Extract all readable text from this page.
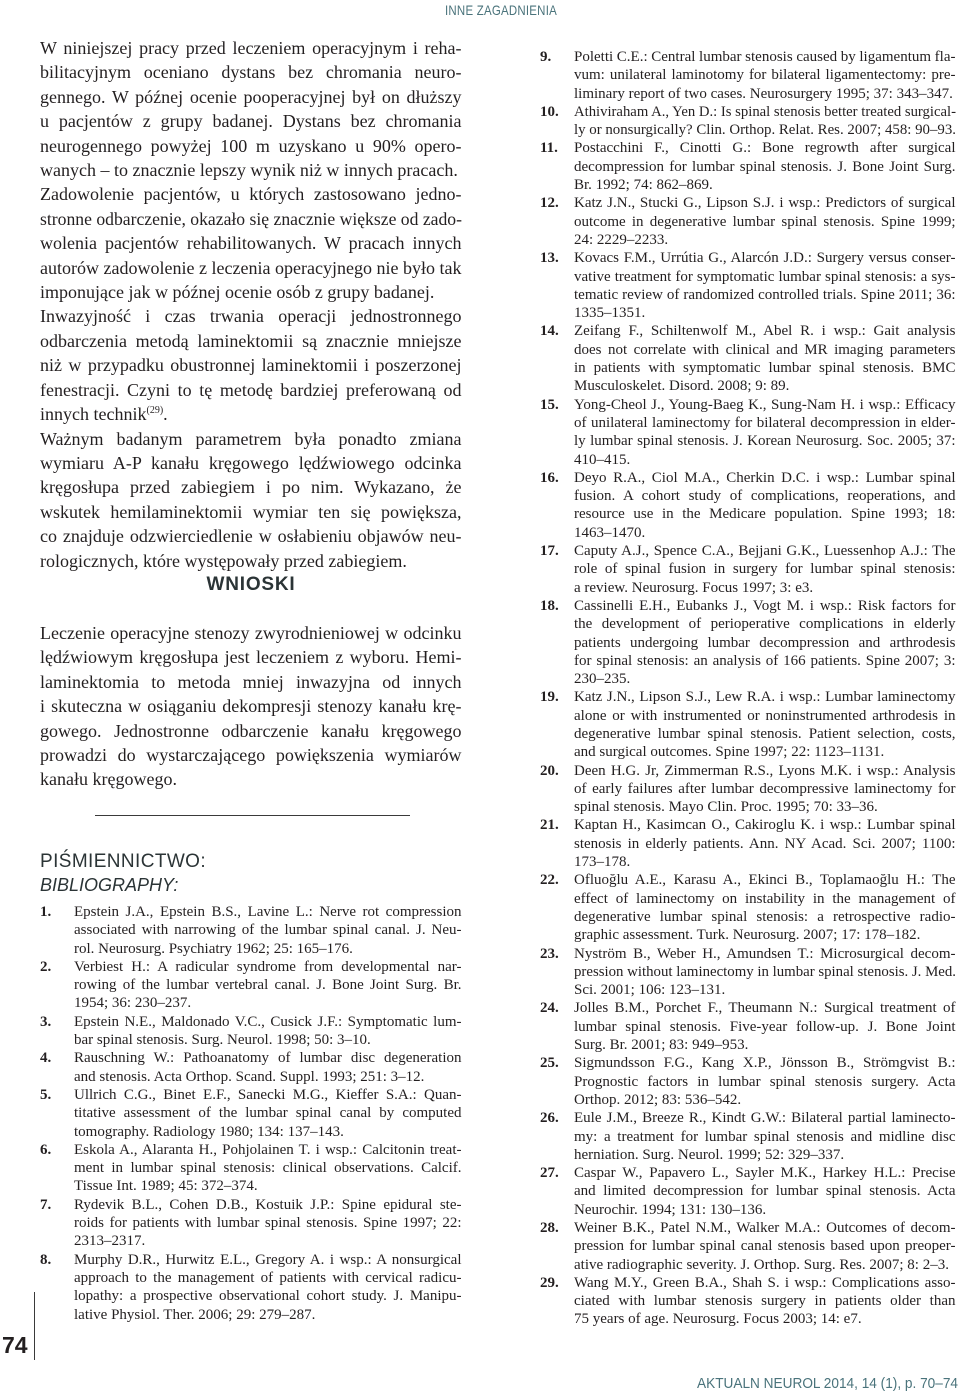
INNE ZAGADNIENIA
W niniejszej pracy przed leczeniem operacyjnym i reha-
bilitacyjnym oceniano dystans bez chromania neuro-
gennego. W późnej ocenie pooperacyjnej był on dłuższy
u pacjentów z grupy badanej. Dystans bez chromania
neurogennego powyżej 100 m uzyskano u 90% opero-
wanych – to znacznie lepszy wynik niż w innych pracach.
Zadowolenie pacjentów, u których zastosowano jedno-
stronne odbarczenie, okazało się znacznie większe od zado-
wolenia pacjentów rehabilitowanych. W pracach innych
autorów zadowolenie z leczenia operacyjnego nie było tak
imponujące jak w późnej ocenie osób z grupy badanej.
Inwazyjność i czas trwania operacji jednostronnego
odbarczenia metodą laminektomii są znacznie mniejsze
niż w przypadku obustronnej laminektomii i poszerzonej
fenestracji. Czyni to tę metodę bardziej preferowaną od
innych technik$^{(29)}$.
Ważnym badanym parametrem była ponadto zmiana
wymiaru A-P kanału kręgowego lędźwiowego odcinka
kręgosłupa przed zabiegiem i po nim. Wykazano, że
wskutek hemilaminektomii wymiar ten się powiększa,
co znajduje odzwierciedlenie w osłabieniu objawów neu-
rologicznych, które występowały przed zabiegiem.
WNIOSKI
Leczenie operacyjne stenozy zwyrodnieniowej w odcinku
lędźwiowym kręgosłupa jest leczeniem z wyboru. Hemi-
laminektomia to metoda mniej inwazyjna od innych
i skuteczna w osiąganiu dekompresji stenozy kanału krę-
gowego. Jednostronne odbarczenie kanału kręgowego
prowadzi do wystarczającego powiększenia wymiarów
kanału kręgowego.
PIŚMIENNICTWO:
BIBLIOGRAPHY:
1. Epstein J.A., Epstein B.S., Lavine L.: Nerve rot compression
associated with narrowing of the lumbar spinal canal. J. Neu-
rol. Neurosurg. Psychiatry 1962; 25: 165–176.
2. Verbiest H.: A radicular syndrome from developmental nar-
rowing of the lumbar vertebral canal. J. Bone Joint Surg. Br.
1954; 36: 230–237.
3. Epstein N.E., Maldonado V.C., Cusick J.F.: Symptomatic lum-
bar spinal stenosis. Surg. Neurol. 1998; 50: 3–10.
4. Rauschning W.: Pathoanatomy of lumbar disc degeneration
and stenosis. Acta Orthop. Scand. Suppl. 1993; 251: 3–12.
5. Ullrich C.G., Binet E.F., Sanecki M.G., Kieffer S.A.: Quan-
titative assessment of the lumbar spinal canal by computed
tomography. Radiology 1980; 134: 137–143.
6. Eskola A., Alaranta H., Pohjolainen T. i wsp.: Calcitonin treat-
ment in lumbar spinal stenosis: clinical observations. Calcif.
Tissue Int. 1989; 45: 372–374.
7. Rydevik B.L., Cohen D.B., Kostuik J.P.: Spine epidural ste-
roids for patients with lumbar spinal stenosis. Spine 1997; 22:
2313–2317.
8. Murphy D.R., Hurwitz E.L., Gregory A. i wsp.: A nonsurgical
approach to the management of patients with cervical radicu-
lopathy: a prospective observational cohort study. J. Manipu-
lative Physiol. Ther. 2006; 29: 279–287.
9. Poletti C.E.: Central lumbar stenosis caused by ligamentum fla-
vum: unilateral laminotomy for bilateral ligamentectomy: pre-
liminary report of two cases. Neurosurgery 1995; 37: 343–347.
10. Athiviraham A., Yen D.: Is spinal stenosis better treated surgical-
ly or nonsurgically? Clin. Orthop. Relat. Res. 2007; 458: 90–93.
11. Postacchini F., Cinotti G.: Bone regrowth after surgical
decompression for lumbar spinal stenosis. J. Bone Joint Surg.
Br. 1992; 74: 862–869.
12. Katz J.N., Stucki G., Lipson S.J. i wsp.: Predictors of surgical
outcome in degenerative lumbar spinal stenosis. Spine 1999;
24: 2229–2233.
13. Kovacs F.M., Urrútia G., Alarcón J.D.: Surgery versus conser-
vative treatment for symptomatic lumbar spinal stenosis: a sys-
tematic review of randomized controlled trials. Spine 2011; 36:
1335–1351.
14. Zeifang F., Schiltenwolf M., Abel R. i wsp.: Gait analysis
does not correlate with clinical and MR imaging parameters
in patients with symptomatic lumbar spinal stenosis. BMC
Musculoskelet. Disord. 2008; 9: 89.
15. Yong-Cheol J., Young-Baeg K., Sung-Nam H. i wsp.: Efficacy
of unilateral laminectomy for bilateral decompression in elder-
ly lumbar spinal stenosis. J. Korean Neurosurg. Soc. 2005; 37:
410–415.
16. Deyo R.A., Ciol M.A., Cherkin D.C. i wsp.: Lumbar spinal
fusion. A cohort study of complications, reoperations, and
resource use in the Medicare population. Spine 1993; 18:
1463–1470.
17. Caputy A.J., Spence C.A., Bejjani G.K., Luessenhop A.J.: The
role of spinal fusion in surgery for lumbar spinal stenosis:
a review. Neurosurg. Focus 1997; 3: e3.
18. Cassinelli E.H., Eubanks J., Vogt M. i wsp.: Risk factors for
the development of perioperative complications in elderly
patients undergoing lumbar decompression and arthrodesis
for spinal stenosis: an analysis of 166 patients. Spine 2007; 3:
230–235.
19. Katz J.N., Lipson S.J., Lew R.A. i wsp.: Lumbar laminectomy
alone or with instrumented or noninstrumented arthrodesis in
degenerative lumbar spinal stenosis. Patient selection, costs,
and surgical outcomes. Spine 1997; 22: 1123–1131.
20. Deen H.G. Jr, Zimmerman R.S., Lyons M.K. i wsp.: Analysis
of early failures after lumbar decompressive laminectomy for
spinal stenosis. Mayo Clin. Proc. 1995; 70: 33–36.
21. Kaptan H., Kasimcan O., Cakiroglu K. i wsp.: Lumbar spinal
stenosis in elderly patients. Ann. NY Acad. Sci. 2007; 1100:
173–178.
22. Ofluoğlu A.E., Karasu A., Ekinci B., Toplamaoğlu H.: The
effect of laminectomy on instability in the management of
degenerative lumbar spinal stenosis: a retrospective radio-
graphic assessment. Turk. Neurosurg. 2007; 17: 178–182.
23. Nyström B., Weber H., Amundsen T.: Microsurgical decom-
pression without laminectomy in lumbar spinal stenosis. J. Med.
Sci. 2001; 106: 123–131.
24. Jolles B.M., Porchet F., Theumann N.: Surgical treatment of
lumbar spinal stenosis. Five-year follow-up. J. Bone Joint
Surg. Br. 2001; 83: 949–953.
25. Sigmundsson F.G., Kang X.P., Jönsson B., Strömgvist B.:
Prognostic factors in lumbar spinal stenosis surgery. Acta
Orthop. 2012; 83: 536–542.
26. Eule J.M., Breeze R., Kindt G.W.: Bilateral partial laminecto-
my: a treatment for lumbar spinal stenosis and midline disc
herniation. Surg. Neurol. 1999; 52: 329–337.
27. Caspar W., Papavero L., Sayler M.K., Harkey H.L.: Precise
and limited decompression for lumbar spinal stenosis. Acta
Neurochir. 1994; 131: 130–136.
28. Weiner B.K., Patel N.M., Walker M.A.: Outcomes of decom-
pression for lumbar spinal canal stenosis based upon preoper-
ative radiographic severity. J. Orthop. Surg. Res. 2007; 8: 2–3.
29. Wang M.Y., Green B.A., Shah S. i wsp.: Complications asso-
ciated with lumbar stenosis surgery in patients older than
75 years of age. Neurosurg. Focus 2003; 14: e7.
74
AKTUALN NEUROL 2014, 14 (1), p. 70–74
